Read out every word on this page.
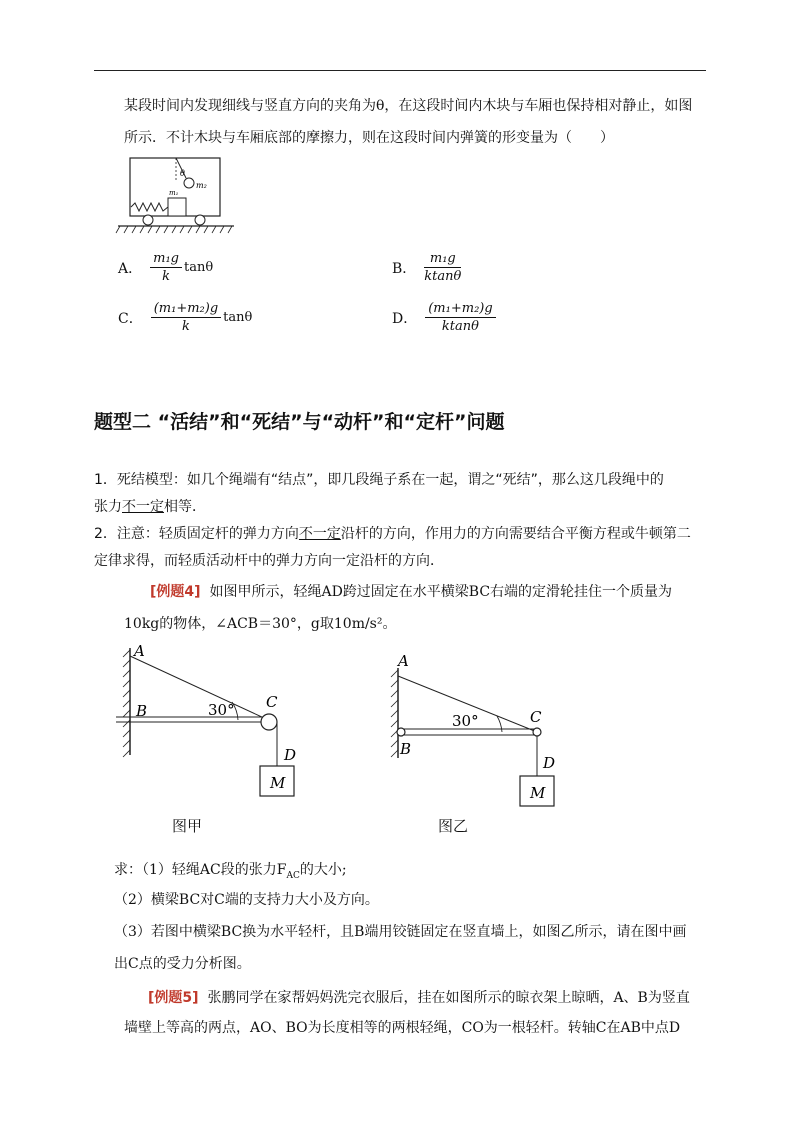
某段时间内发现细线与竖直方向的夹角为θ，在这段时间内木块与车厢也保持相对静止，如图
所示．不计木块与车厢底部的摩擦力，则在这段时间内弹簧的形变量为（　　）
θ
m₂
m₁
A． $\frac{\text{m₁g}}{k}$ tanθ	B． $\frac{\text{m₁g}}{ktan\theta}$
C． $\frac{\text{(m₁+m₂)g}}{k}$ tanθ	D． $\frac{\text{(m₁+m₂)g}}{ktan\theta}$
题型二 “活结”和“死结”与“动杆”和“定杆”问题
1．死结模型：如几个绳端有“结点”，即几段绳子系在一起，谓之“死结”，那么这几段绳中的
张力不一定相等．
2．注意：轻质固定杆的弹力方向不一定沿杆的方向，作用力的方向需要结合平衡方程或牛顿第二
定律求得，而轻质活动杆中的弹力方向一定沿杆的方向．
[例题4] 如图甲所示，轻绳AD跨过固定在水平横梁BC右端的定滑轮挂住一个质量为
10kg的物体，∠ACB＝30°，g取10m/s²。
A
B	C
D
M
30°
图甲
A
B
C
D
M
30°
图乙
求：（1）轻绳AC段的张力$F_{AC}$的大小;
（2）横梁BC对C端的支持力大小及方向。
（3）若图中横梁BC换为水平轻杆，且B端用铰链固定在竖直墙上，如图乙所示，请在图中画
出C点的受力分析图。
[例题5] 张鹏同学在家帮妈妈洗完衣服后，挂在如图所示的晾衣架上晾晒，A、B为竖直
墙壁上等高的两点，AO、BO为长度相等的两根轻绳，CO为一根轻杆。转轴C在AB中点D
